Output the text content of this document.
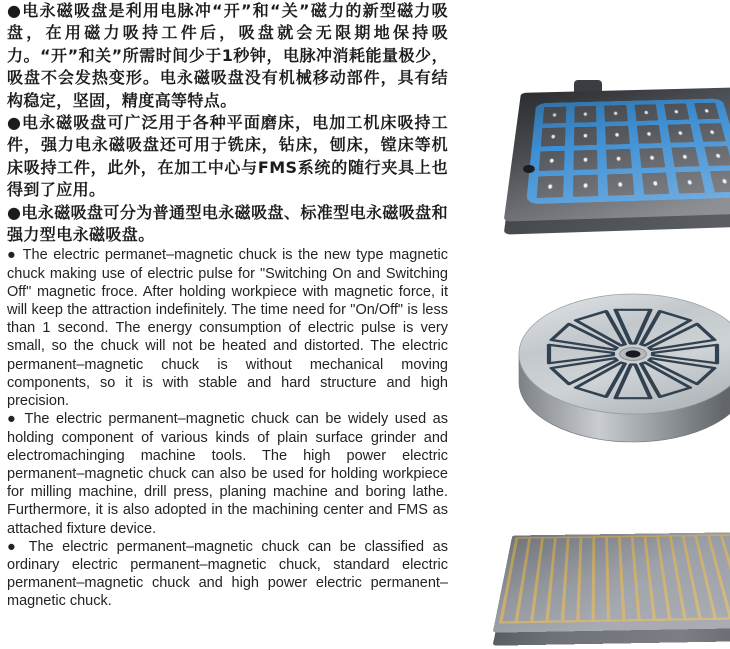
●电永磁吸盘是利用电脉冲“开”和“关”磁力的新型磁力吸盘，在用磁力吸持工件后，吸盘就会无限期地保持吸力。“开”和关”所需时间少于1秒钟，电脉冲消耗能量极少，吸盘不会发热变形。电永磁吸盘没有机械移动部件，具有结构稳定，坚固，精度高等特点。

●电永磁吸盘可广泛用于各种平面磨床，电加工机床吸持工件，强力电永磁吸盘还可用于铣床，钻床，刨床，镗床等机床吸持工件，此外，在加工中心与FMS系统的随行夹具上也得到了应用。

●电永磁吸盘可分为普通型电永磁吸盘、标准型电永磁吸盘和强力型电永磁吸盘。

● The electric permanet–magnetic chuck is the new type magnetic chuck making use of electric pulse for "Switching On and Switching Off" magnetic froce. After holding workpiece with magnetic force, it will keep the attraction indefinitely. The time need for "On/Off" is less than 1 second. The energy consumption of electric pulse is very small, so the chuck will not be heated and distorted. The electric permanent–magnetic chuck is without mechanical moving components, so it is with stable and hard structure and high precision.

● The electric permanent–magnetic chuck can be widely used as holding component of various kinds of plain surface grinder and electromachinging machine tools. The high power electric permanent–magnetic chuck can also be used for holding workpiece for milling machine, drill press, planing machine and boring lathe. Furthermore, it is also adopted in the machining center and FMS as attached fixture device.

● The electric permanent–magnetic chuck can be classified as ordinary electric permanent–magnetic chuck, standard electric permanent–magnetic chuck and high power electric permanent–magnetic chuck.
